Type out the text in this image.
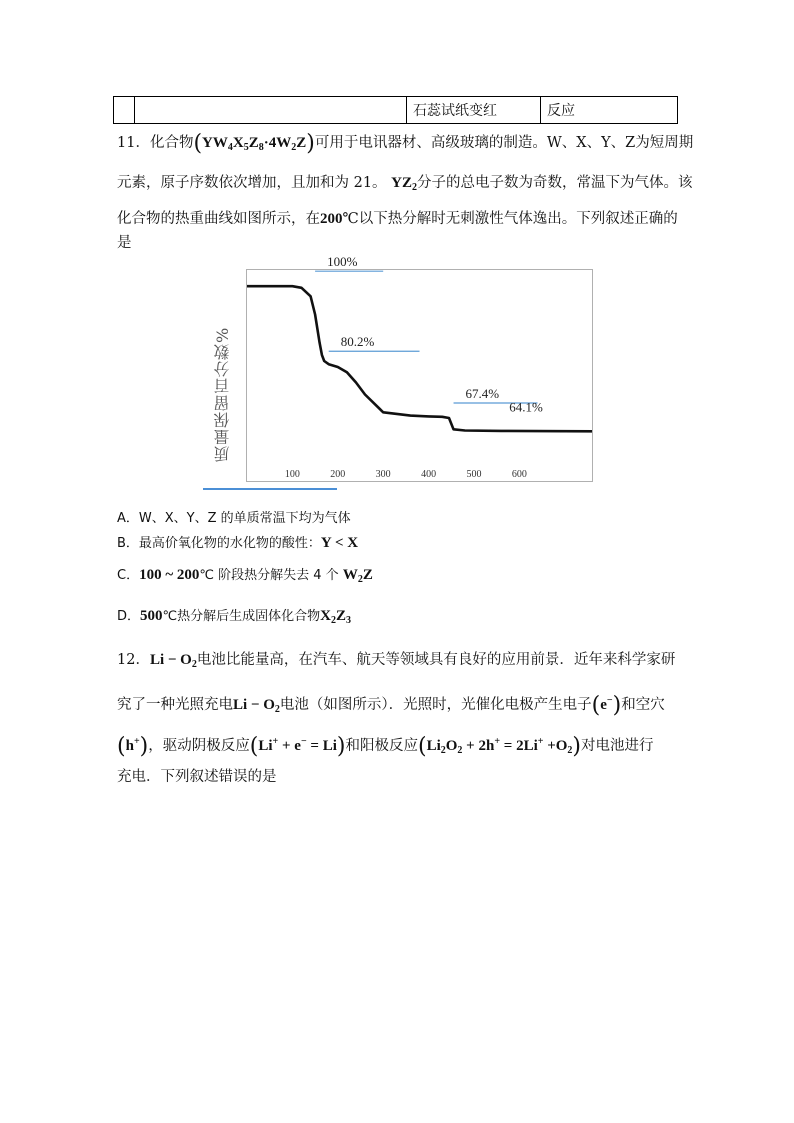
		石蕊试纸变红	反应
11．化合物$(YW_4X_5Z_8\cdot 4W_2Z)$可用于电讯器材、高级玻璃的制造。W、X、Y、Z为短周期
元素，原子序数依次增加，且加和为 21。 $YZ_2$分子的总电子数为奇数，常温下为气体。该
化合物的热重曲线如图所示，在200℃以下热分解时无刺激性气体逸出。下列叙述正确的
是
质量保留百分数%
100%
80.2%
67.4%
64.1%
100	200	300	400	500	600
A．W、X、Y、Z 的单质常温下均为气体
B．最高价氧化物的水化物的酸性：Y < X
C．100 ~ 200℃ 阶段热分解失去 4 个 $W_2Z$
D．500℃热分解后生成固体化合物$X_2Z_3$
12．$Li - O_2$电池比能量高，在汽车、航天等领域具有良好的应用前景．近年来科学家研
究了一种光照充电$Li - O_2$电池（如图所示）．光照时，光催化电极产生电子(e−)和空穴
(h+)，驱动阴极反应(Li+ + e− = Li)和阳极反应$(Li_2O_2 + 2h^+ = 2Li^+ +O_2)$对电池进行
充电．下列叙述错误的是
